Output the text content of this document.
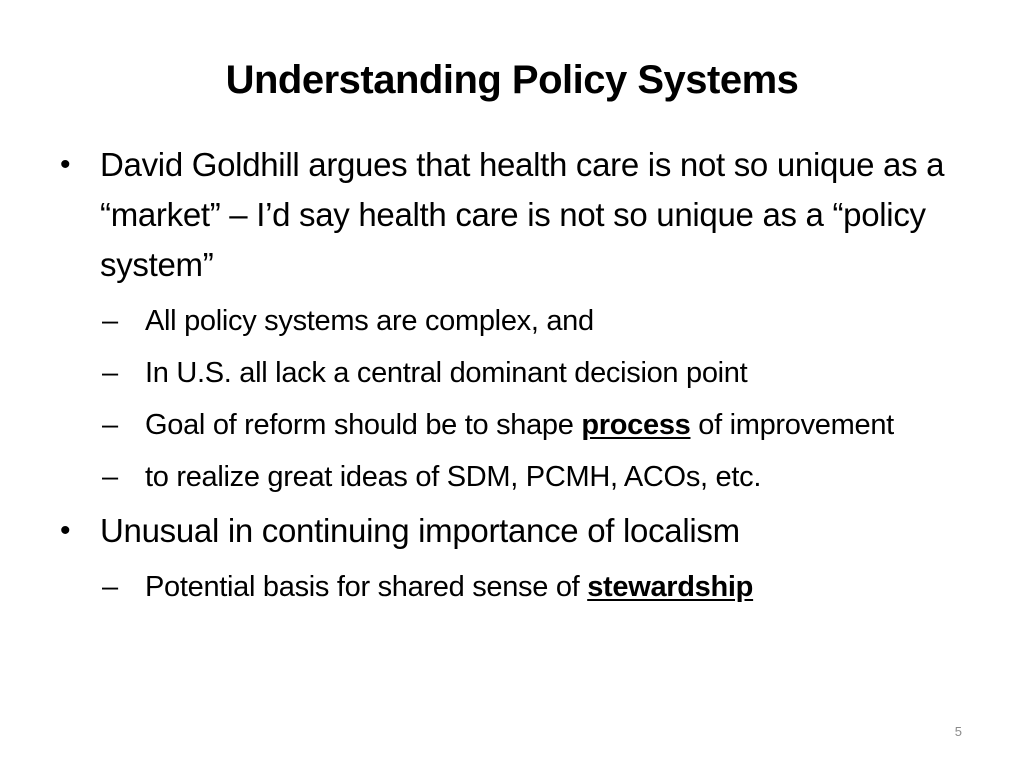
Understanding Policy Systems
• David Goldhill argues that health care is not so unique as a “market” – I’d say health care is not so unique as a “policy system”
– All policy systems are complex, and
– In U.S. all lack a central dominant decision point
– Goal of reform should be to shape process of improvement
– to realize great ideas of SDM, PCMH, ACOs, etc.
• Unusual in continuing importance of localism
– Potential basis for shared sense of stewardship
5
